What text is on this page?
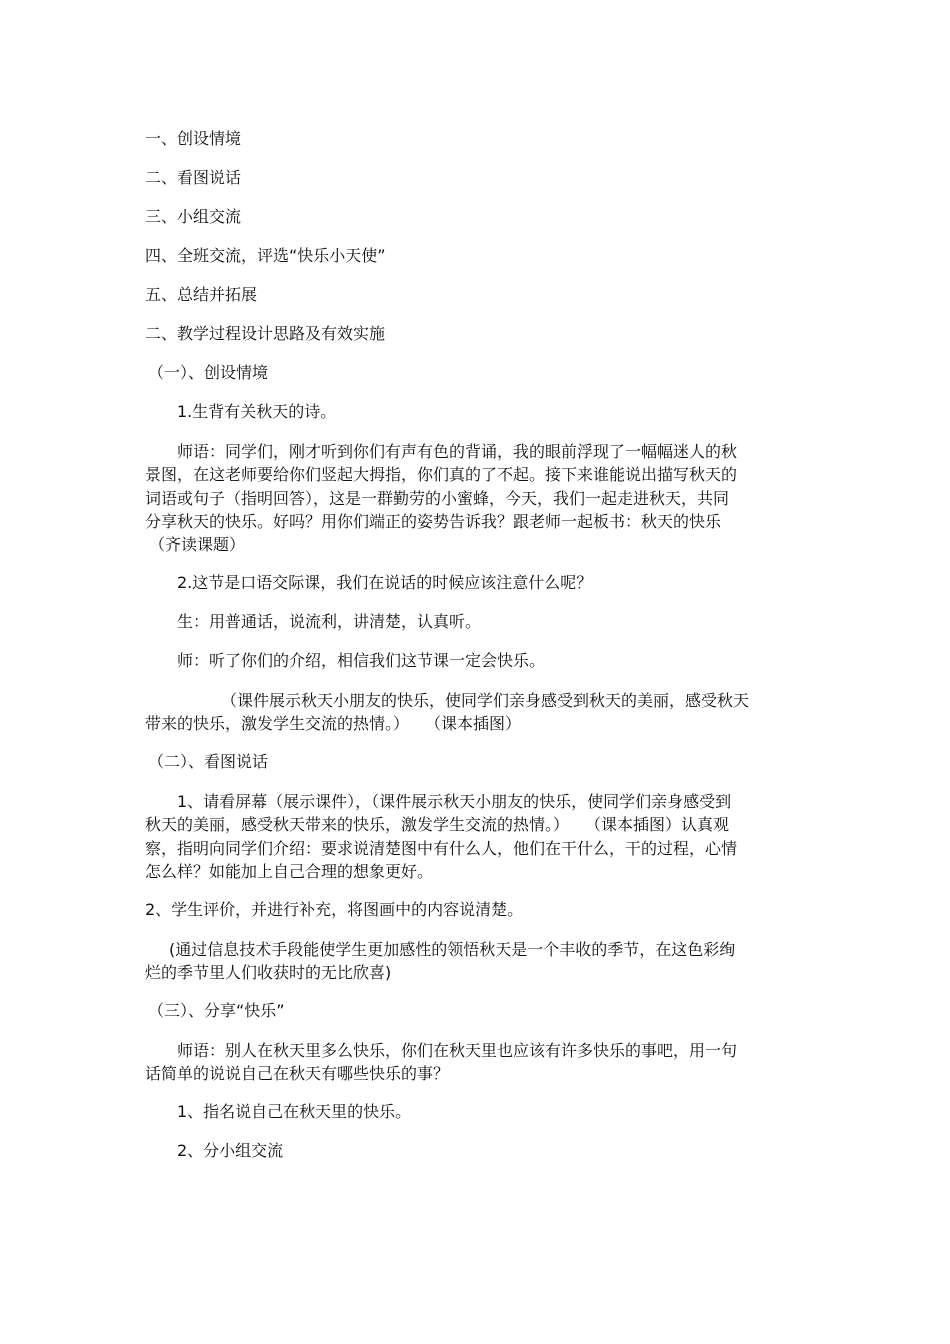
一、创设情境
二、看图说话
三、小组交流
四、全班交流，评选“快乐小天使”
五、总结并拓展
二、教学过程设计思路及有效实施
（一）、创设情境
1.生背有关秋天的诗。
师语：同学们，刚才听到你们有声有色的背诵，我的眼前浮现了一幅幅迷人的秋
景图，在这老师要给你们竖起大拇指，你们真的了不起。接下来谁能说出描写秋天的
词语或句子（指明回答），这是一群勤劳的小蜜蜂，今天，我们一起走进秋天，共同
分享秋天的快乐。好吗？用你们端正的姿势告诉我？跟老师一起板书：秋天的快乐
（齐读课题）
2.这节是口语交际课，我们在说话的时候应该注意什么呢？
生：用普通话，说流利，讲清楚，认真听。
师：听了你们的介绍，相信我们这节课一定会快乐。
（课件展示秋天小朋友的快乐，使同学们亲身感受到秋天的美丽，感受秋天
带来的快乐，激发学生交流的热情。）　　（课本插图）
（二）、看图说话
1、请看屏幕（展示课件），（课件展示秋天小朋友的快乐，使同学们亲身感受到
秋天的美丽，感受秋天带来的快乐，激发学生交流的热情。）　　（课本插图）认真观
察，指明向同学们介绍：要求说清楚图中有什么人，他们在干什么，干的过程，心情
怎么样？如能加上自己合理的想象更好。
2、学生评价，并进行补充，将图画中的内容说清楚。
(通过信息技术手段能使学生更加感性的领悟秋天是一个丰收的季节，在这色彩绚
烂的季节里人们收获时的无比欣喜)
（三）、分享“快乐”
师语：别人在秋天里多么快乐，你们在秋天里也应该有许多快乐的事吧，用一句
话简单的说说自己在秋天有哪些快乐的事？
1、指名说自己在秋天里的快乐。
2、分小组交流
